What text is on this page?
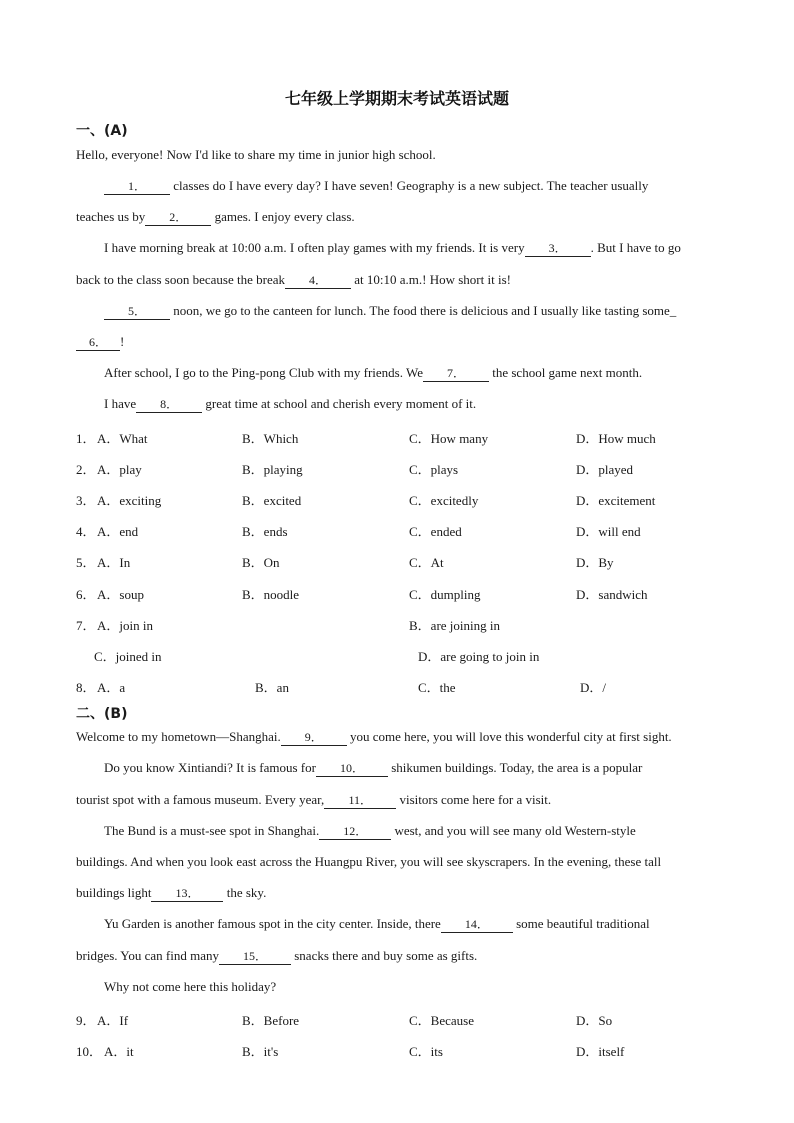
七年级上学期期末考试英语试题
一、(A)
Hello, everyone! Now I'd like to share my time in junior high school.
1． classes do I have every day? I have seven! Geography is a new subject. The teacher usually
teaches us by 2． games. I enjoy every class.
I have morning break at 10:00 a.m. I often play games with my friends. It is very 3． . But I have to go
back to the class soon because the break 4． at 10:10 a.m.! How short it is!
5． noon, we go to the canteen for lunch. The food there is delicious and I usually like tasting some_
6． !
After school, I go to the Ping-pong Club with my friends. We 7． the school game next month.
I have 8． great time at school and cherish every moment of it.
1． A．What	B．Which	C．How many	D．How much
2． A．play	B．playing	C．plays	D．played
3． A．exciting	B．excited	C．excitedly	D．excitement
4． A．end	B．ends	C．ended	D．will end
5． A．In	B．On	C．At	D．By
6． A．soup	B．noodle	C．dumpling	D．sandwich
7． A．join in	B．are joining in
C．joined in	D．are going to join in
8． A．a	B．an	C．the	D．/
二、(B)
Welcome to my hometown—Shanghai. 9． you come here, you will love this wonderful city at first sight.
Do you know Xintiandi? It is famous for 10． shikumen buildings. Today, the area is a popular
tourist spot with a famous museum. Every year, 11． visitors come here for a visit.
The Bund is a must-see spot in Shanghai. 12． west, and you will see many old Western-style
buildings. And when you look east across the Huangpu River, you will see skyscrapers. In the evening, these tall
buildings light 13． the sky.
Yu Garden is another famous spot in the city center. Inside, there 14． some beautiful traditional
bridges. You can find many 15． snacks there and buy some as gifts.
Why not come here this holiday?
9． A．If	B．Before	C．Because	D．So
10． A．it	B．it's	C．its	D．itself
